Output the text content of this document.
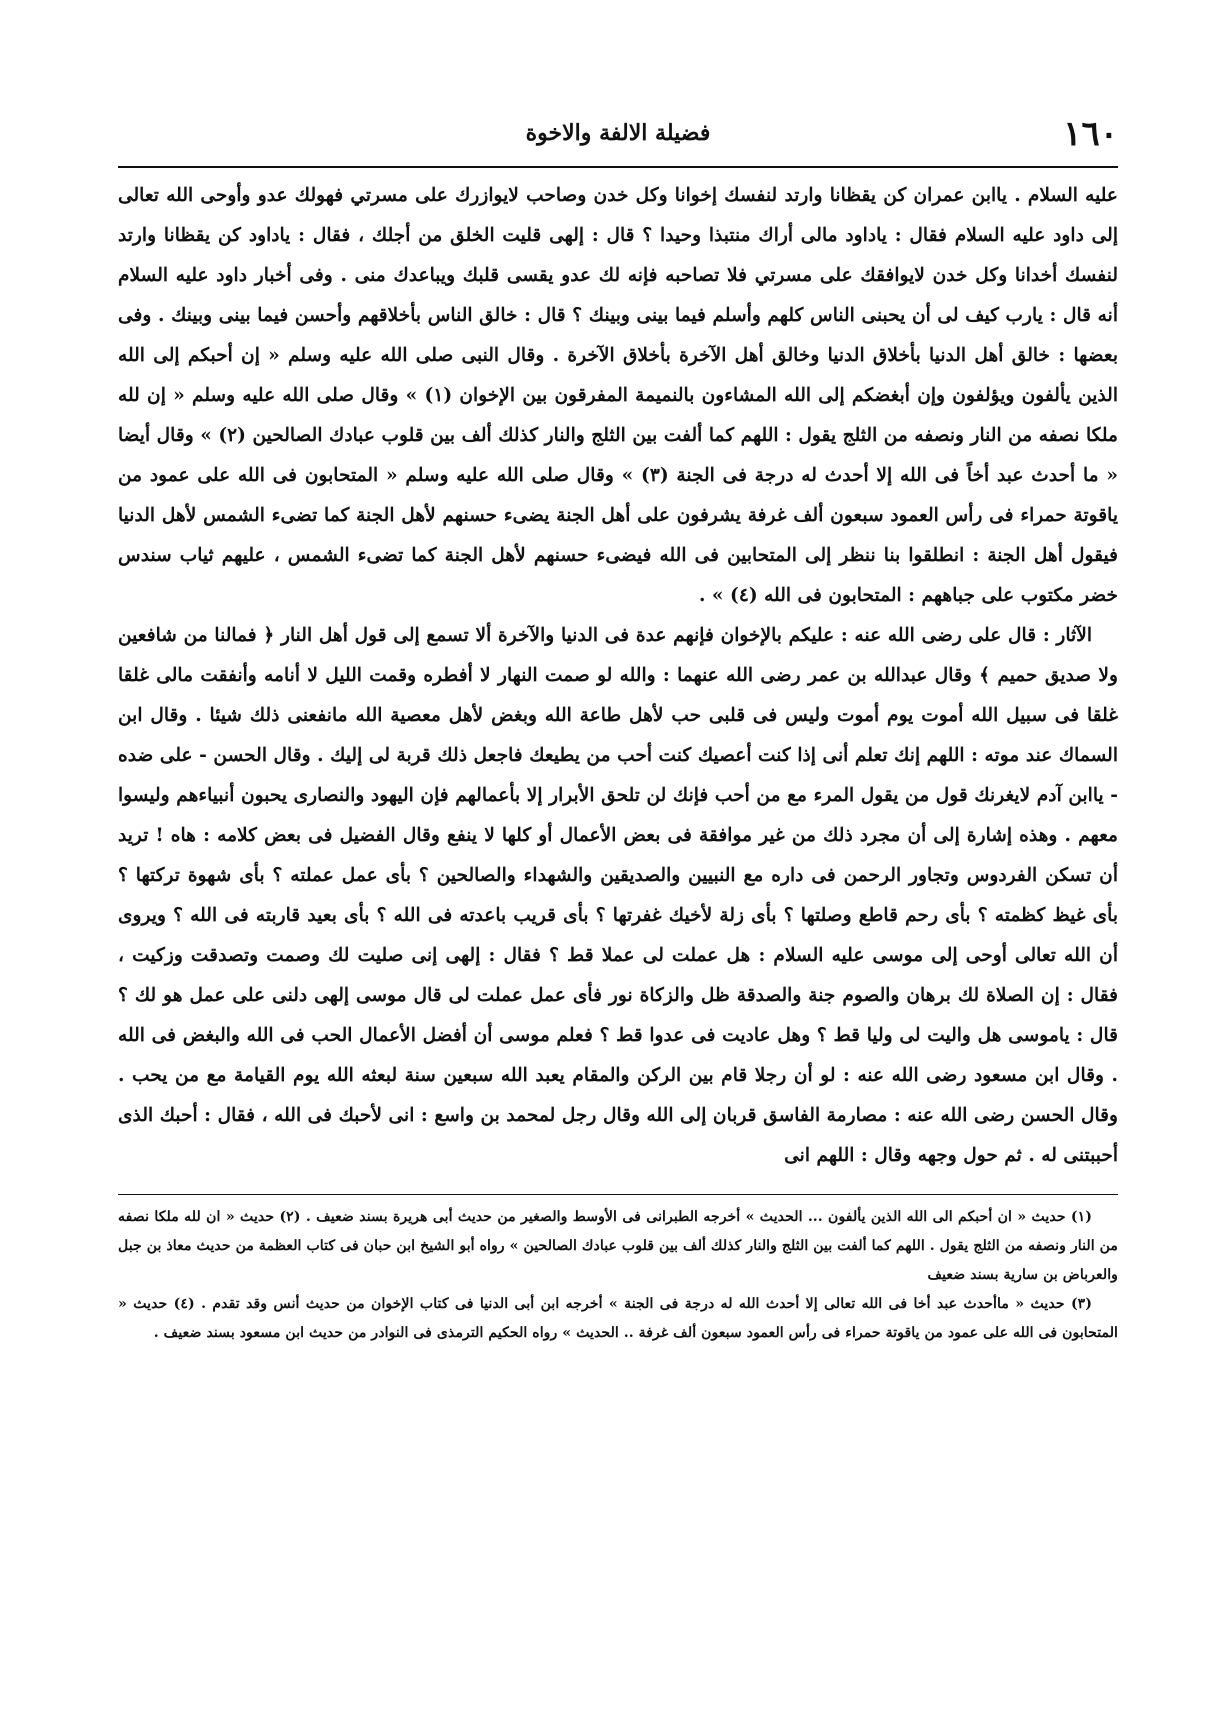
١٦٠
فضيلة الالفة والاخوة

عليه السلام . ياابن عمران كن يقظانا وارتد لنفسك إخوانا وكل خدن وصاحب لايوازرك على مسرتي فهولك عدو وأوحى الله تعالى إلى داود عليه السلام فقال : ياداود مالى أراك منتبذا وحيدا ؟ قال : إلهى قليت الخلق من أجلك ، فقال : ياداود كن يقظانا وارتد لنفسك أخدانا وكل خدن لايوافقك على مسرتي فلا تصاحبه فإنه لك عدو يقسى قلبك ويباعدك منى . وفى أخبار داود عليه السلام أنه قال : يارب كيف لى أن يحبنى الناس كلهم وأسلم فيما بينى وبينك ؟ قال : خالق الناس بأخلاقهم وأحسن فيما بينى وبينك . وفى بعضها : خالق أهل الدنيا بأخلاق الدنيا وخالق أهل الآخرة بأخلاق الآخرة . وقال النبى صلى الله عليه وسلم « إن أحبكم إلى الله الذين يألفون ويؤلفون وإن أبغضكم إلى الله المشاءون بالنميمة المفرقون بين الإخوان (١) » وقال صلى الله عليه وسلم « إن لله ملكا نصفه من النار ونصفه من الثلج يقول : اللهم كما ألفت بين الثلج والنار كذلك ألف بين قلوب عبادك الصالحين (٢) » وقال أيضا « ما أحدث عبد أخاً فى الله إلا أحدث له درجة فى الجنة (٣) » وقال صلى الله عليه وسلم « المتحابون فى الله على عمود من ياقوتة حمراء فى رأس العمود سبعون ألف غرفة يشرفون على أهل الجنة يضىء حسنهم لأهل الجنة كما تضىء الشمس لأهل الدنيا فيقول أهل الجنة : انطلقوا بنا ننظر إلى المتحابين فى الله فيضىء حسنهم لأهل الجنة كما تضىء الشمس ، عليهم ثياب سندس خضر مكتوب على جباههم : المتحابون فى الله (٤) » .

الآثار : قال على رضى الله عنه : عليكم بالإخوان فإنهم عدة فى الدنيا والآخرة ألا تسمع إلى قول أهل النار ﴿ فمالنا من شافعين ولا صديق حميم ﴾ وقال عبدالله بن عمر رضى الله عنهما : والله لو صمت النهار لا أفطره وقمت الليل لا أنامه وأنفقت مالى غلقا غلقا فى سبيل الله أموت يوم أموت وليس فى قلبى حب لأهل طاعة الله وبغض لأهل معصية الله مانفعنى ذلك شيئا . وقال ابن السماك عند موته : اللهم إنك تعلم أنى إذا كنت أعصيك كنت أحب من يطيعك فاجعل ذلك قربة لى إليك . وقال الحسن - على ضده - ياابن آدم لايغرنك قول من يقول المرء مع من أحب فإنك لن تلحق الأبرار إلا بأعمالهم فإن اليهود والنصارى يحبون أنبياءهم وليسوا معهم . وهذه إشارة إلى أن مجرد ذلك من غير موافقة فى بعض الأعمال أو كلها لا ينفع وقال الفضيل فى بعض كلامه : هاه ! تريد أن تسكن الفردوس وتجاور الرحمن فى داره مع النبيين والصديقين والشهداء والصالحين ؟ بأى عمل عملته ؟ بأى شهوة تركتها ؟ بأى غيظ كظمته ؟ بأى رحم قاطع وصلتها ؟ بأى زلة لأخيك غفرتها ؟ بأى قريب باعدته فى الله ؟ بأى بعيد قاربته فى الله ؟ ويروى أن الله تعالى أوحى إلى موسى عليه السلام : هل عملت لى عملا قط ؟ فقال : إلهى إنى صليت لك وصمت وتصدقت وزكيت ، فقال : إن الصلاة لك برهان والصوم جنة والصدقة ظل والزكاة نور فأى عمل عملت لى قال موسى إلهى دلنى على عمل هو لك ؟ قال : ياموسى هل واليت لى وليا قط ؟ وهل عاديت فى عدوا قط ؟ فعلم موسى أن أفضل الأعمال الحب فى الله والبغض فى الله . وقال ابن مسعود رضى الله عنه : لو أن رجلا قام بين الركن والمقام يعبد الله سبعين سنة لبعثه الله يوم القيامة مع من يحب . وقال الحسن رضى الله عنه : مصارمة الفاسق قربان إلى الله وقال رجل لمحمد بن واسع : انى لأحبك فى الله ، فقال : أحبك الذى أحببتنى له . ثم حول وجهه وقال : اللهم انى

(١) حديث « ان أحبكم الى الله الذين يألفون ... الحديث » أخرجه الطبرانى فى الأوسط والصغير من حديث أبى هريرة بسند ضعيف . (٢) حديث « ان لله ملكا نصفه من النار ونصفه من الثلج يقول . اللهم كما ألفت بين الثلج والنار كذلك ألف بين قلوب عبادك الصالحين » رواه أبو الشيخ ابن حبان فى كتاب العظمة من حديث معاذ بن جبل والعرباض بن سارية بسند ضعيف

(٣) حديث « ماأحدث عبد أخا فى الله تعالى إلا أحدث الله له درجة فى الجنة » أخرجه ابن أبى الدنيا فى كتاب الإخوان من حديث أنس وقد تقدم . (٤) حديث « المتحابون فى الله على عمود من ياقوتة حمراء فى رأس العمود سبعون ألف غرفة .. الحديث » رواه الحكيم الترمذى فى النوادر من حديث ابن مسعود بسند ضعيف .
